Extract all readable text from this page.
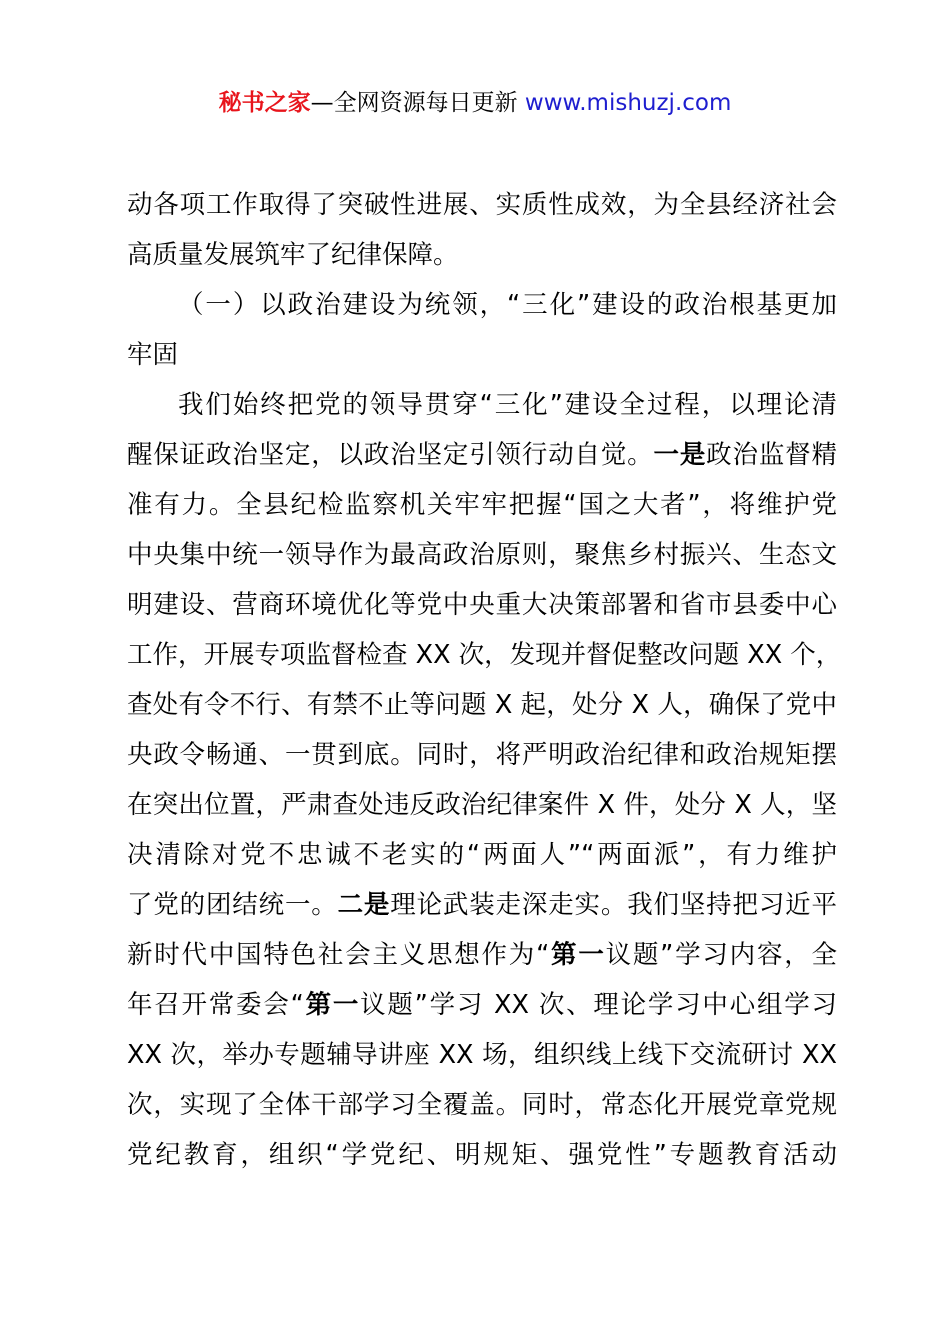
秘书之家—全网资源每日更新 www.mishuzj.com
动各项工作取得了突破性进展、实质性成效，为全县经济社会
高质量发展筑牢了纪律保障。
（一）以政治建设为统领，“三化”建设的政治根基更加
牢固
我们始终把党的领导贯穿“三化”建设全过程，以理论清
醒保证政治坚定，以政治坚定引领行动自觉。一是政治监督精
准有力。全县纪检监察机关牢牢把握“国之大者”，将维护党
中央集中统一领导作为最高政治原则，聚焦乡村振兴、生态文
明建设、营商环境优化等党中央重大决策部署和省市县委中心
工作，开展专项监督检查 XX 次，发现并督促整改问题 XX 个，
查处有令不行、有禁不止等问题 X 起，处分 X 人，确保了党中
央政令畅通、一贯到底。同时，将严明政治纪律和政治规矩摆
在突出位置，严肃查处违反政治纪律案件 X 件，处分 X 人，坚
决清除对党不忠诚不老实的“两面人”“两面派”，有力维护
了党的团结统一。二是理论武装走深走实。我们坚持把习近平
新时代中国特色社会主义思想作为“第一议题”学习内容，全
年召开常委会“第一议题”学习 XX 次、理论学习中心组学习
XX 次，举办专题辅导讲座 XX 场，组织线上线下交流研讨 XX
次，实现了全体干部学习全覆盖。同时，常态化开展党章党规
党纪教育，组织“学党纪、明规矩、强党性”专题教育活动
